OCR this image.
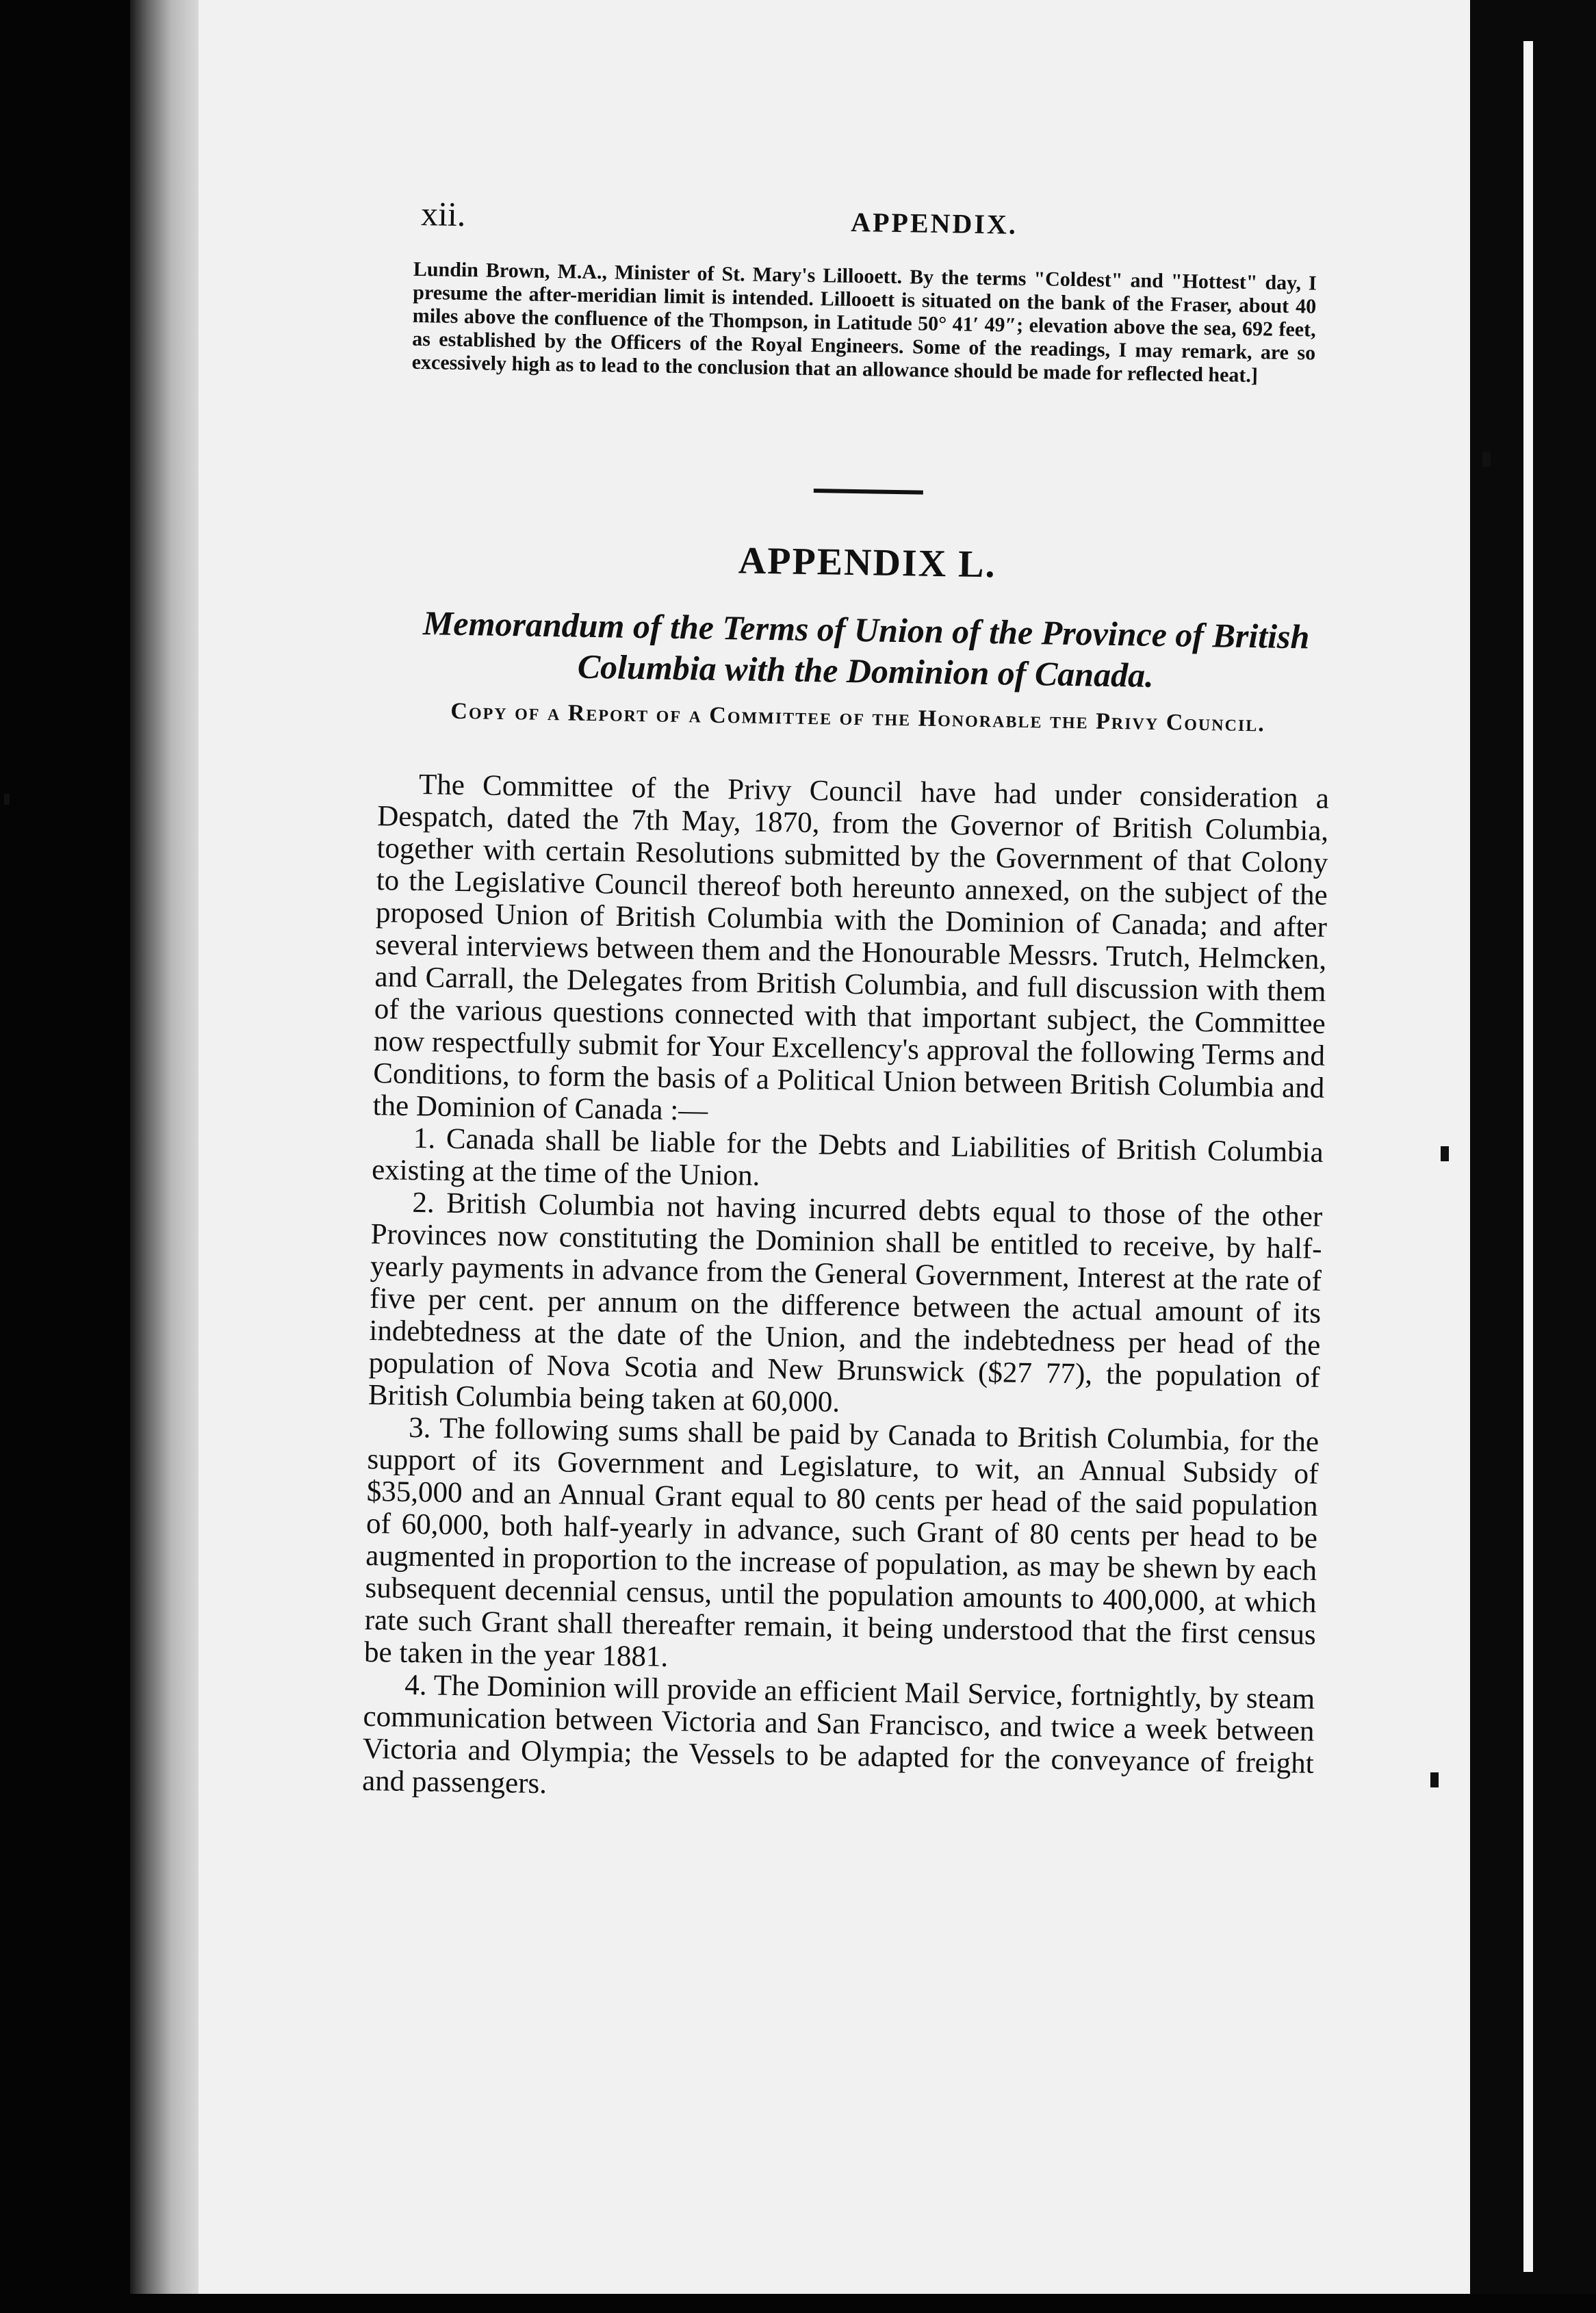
xii.	APPENDIX.
Lundin Brown, M.A., Minister of St. Mary's Lillooett. By the terms "Coldest" and "Hottest" day, I presume the after-meridian limit is intended. Lillooett is situated on the bank of the Fraser, about 40 miles above the confluence of the Thompson, in Latitude 50° 41′ 49″; elevation above the sea, 692 feet, as established by the Officers of the Royal Engineers. Some of the readings, I may remark, are so excessively high as to lead to the conclusion that an allowance should be made for reflected heat.]
APPENDIX L.
Memorandum of the Terms of Union of the Province of British Columbia with the Dominion of Canada.
Copy of a Report of a Committee of the Honorable the Privy Council.

The Committee of the Privy Council have had under consideration a Despatch, dated the 7th May, 1870, from the Governor of British Columbia, together with certain Resolutions submitted by the Government of that Colony to the Legislative Council thereof both hereunto annexed, on the subject of the proposed Union of British Columbia with the Dominion of Canada; and after several interviews between them and the Honourable Messrs. Trutch, Helmcken, and Carrall, the Delegates from British Columbia, and full discussion with them of the various questions connected with that important subject, the Committee now respectfully submit for Your Excellency's approval the following Terms and Conditions, to form the basis of a Political Union between British Columbia and the Dominion of Canada :—

1. Canada shall be liable for the Debts and Liabilities of British Columbia existing at the time of the Union.

2. British Columbia not having incurred debts equal to those of the other Provinces now constituting the Dominion shall be entitled to receive, by half-yearly payments in advance from the General Government, Interest at the rate of five per cent. per annum on the difference between the actual amount of its indebtedness at the date of the Union, and the indebtedness per head of the population of Nova Scotia and New Brunswick ($27 77), the population of British Columbia being taken at 60,000.

3. The following sums shall be paid by Canada to British Columbia, for the support of its Government and Legislature, to wit, an Annual Subsidy of $35,000 and an Annual Grant equal to 80 cents per head of the said population of 60,000, both half-yearly in advance, such Grant of 80 cents per head to be augmented in proportion to the increase of population, as may be shewn by each subsequent decennial census, until the population amounts to 400,000, at which rate such Grant shall thereafter remain, it being understood that the first census be taken in the year 1881.

4. The Dominion will provide an efficient Mail Service, fortnightly, by steam communication between Victoria and San Francisco, and twice a week between Victoria and Olympia; the Vessels to be adapted for the conveyance of freight and passengers.
